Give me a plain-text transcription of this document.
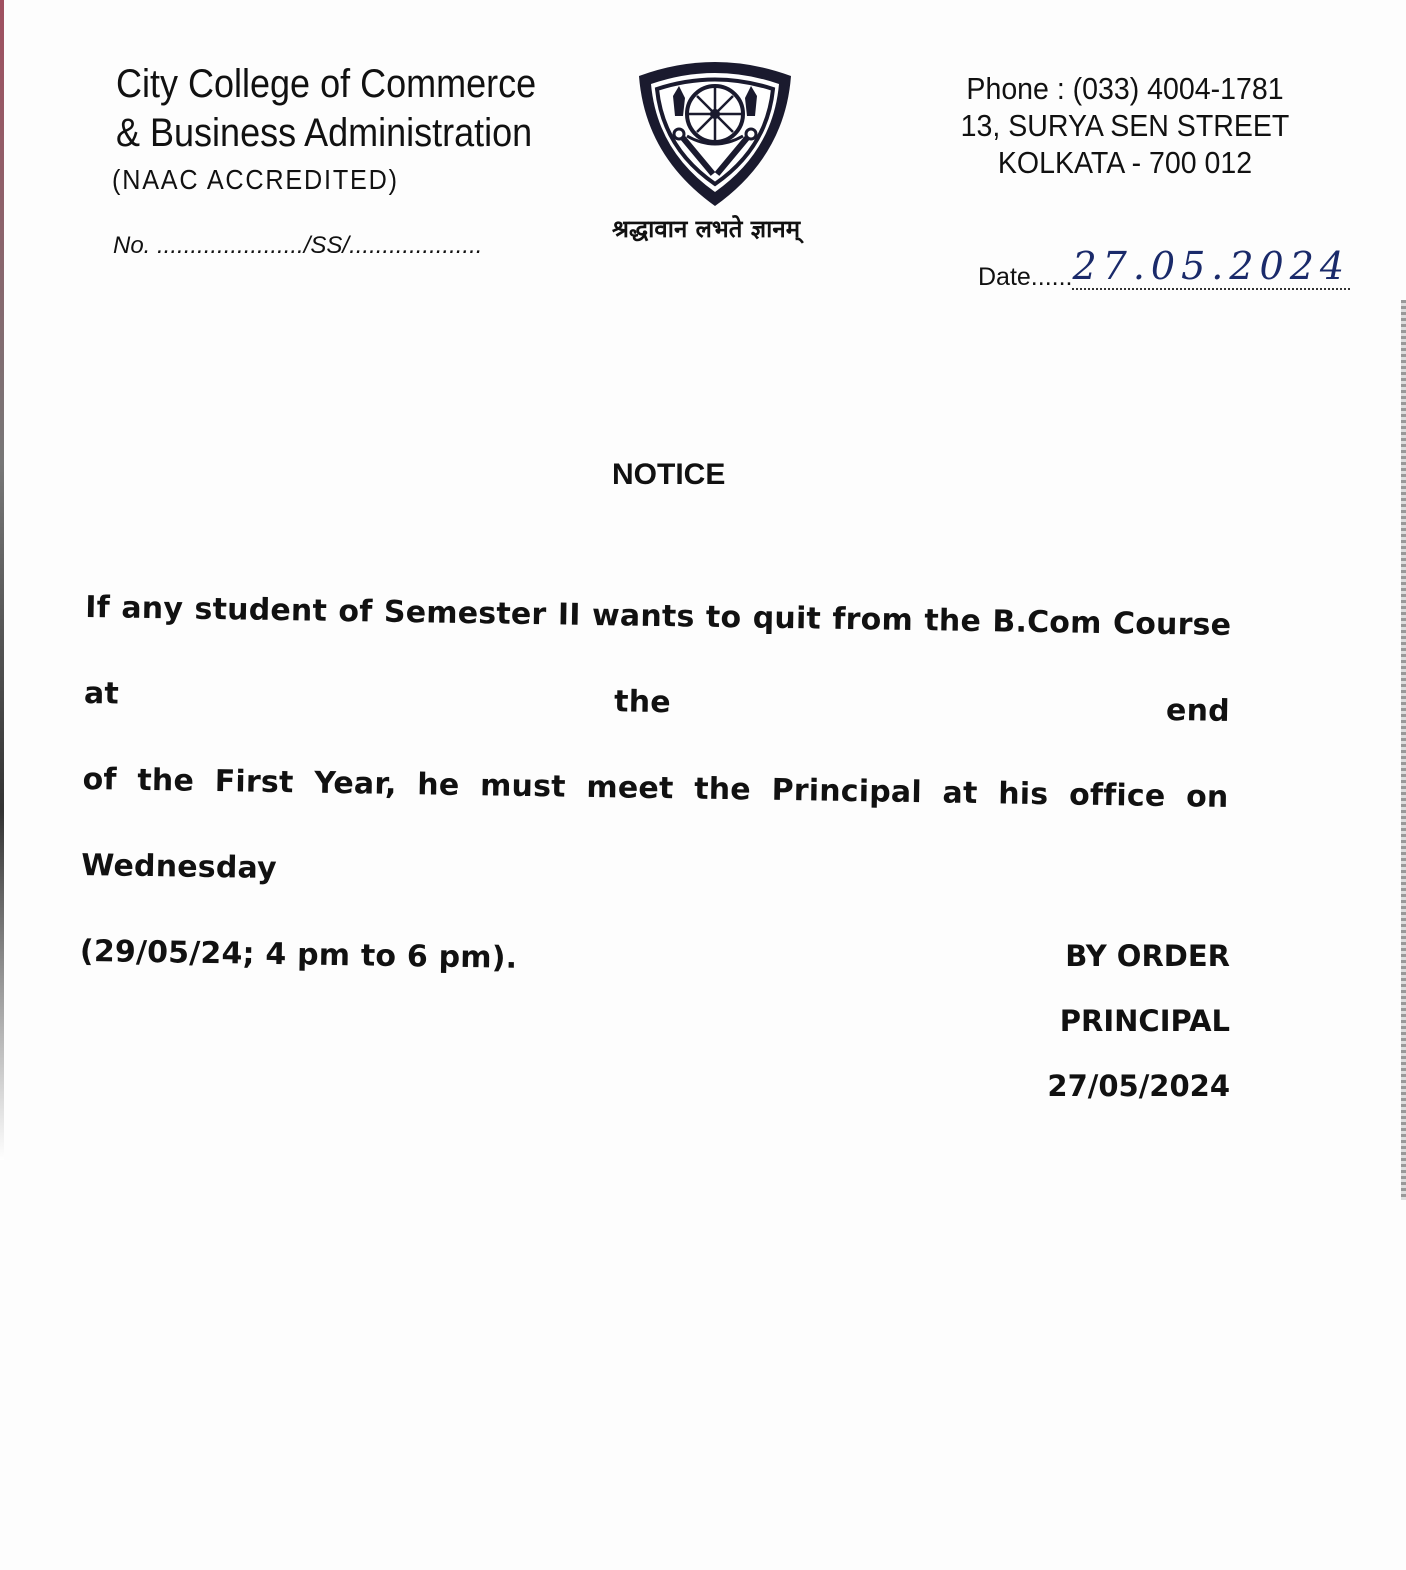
City College of Commerce
& Business Administration
(NAAC ACCREDITED)
No. ....................../SS/....................
श्रद्धावान लभते ज्ञानम्
Phone : (033) 4004-1781
13, SURYA SEN STREET
KOLKATA - 700 012
Date......27.05.2024
NOTICE
If any student of Semester II wants to quit from the B.Com Course at the end
of the First Year, he must meet the Principal at his office on Wednesday
(29/05/24; 4 pm to 6 pm).	BY ORDER
PRINCIPAL
27/05/2024
